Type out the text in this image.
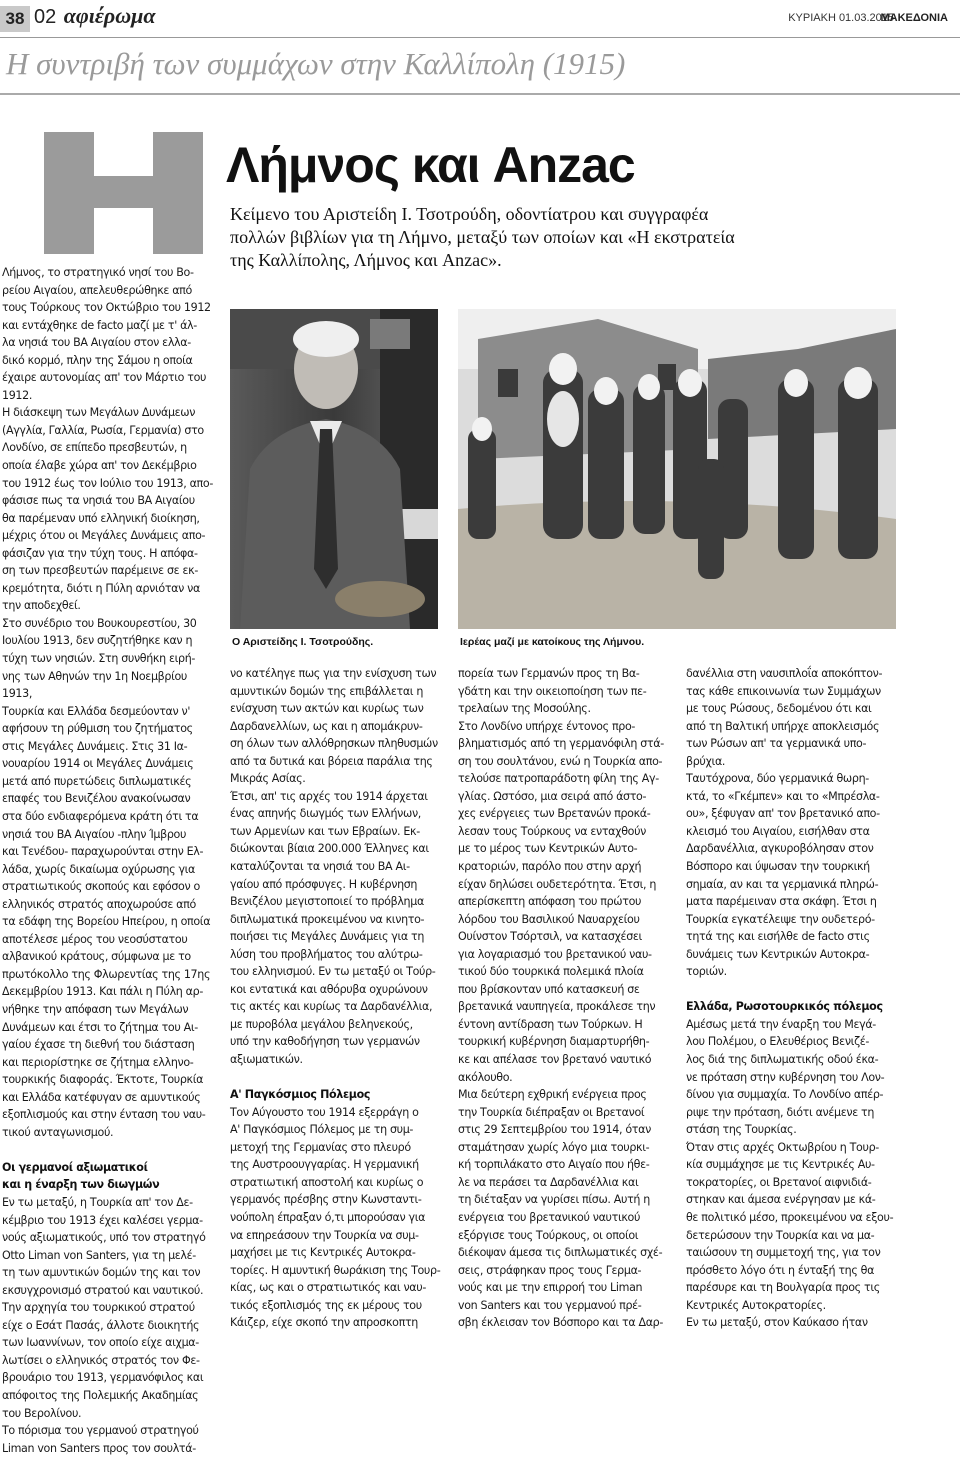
38 02 αφιέρωμα	ΚΥΡΙΑΚΗ 01.03.2015
ΜΑΚΕΔΟΝΙΑ
Η συντριβή των συμμάχων στην Καλλίπολη (1915)
Λήμνος και Anzac
Κείμενο του Αριστείδη Ι. Τσοτρούδη, οδοντίατρου και συγγραφέα
πολλών βιβλίων για τη Λήμνο, μεταξύ των οποίων και «Η εκστρατεία
της Καλλίπολης, Λήμνος και Anzac».
Ο Αριστείδης Ι. Τσοτρούδης.	Ιερέας μαζί με κατοίκους της Λήμνου.

Λήμνος, το στρατηγικό νησί του Βο-

ρείου Αιγαίου, απελευθερώθηκε από

τους Τούρκους τον Οκτώβριο του 1912

και εντάχθηκε de facto μαζί με τ' άλ-

λα νησιά του ΒΑ Αιγαίου στον ελλα-

δικό κορμό, πλην της Σάμου η οποία

έχαιρε αυτονομίας απ' τον Μάρτιο του

1912.

Η διάσκεψη των Μεγάλων Δυνάμεων

(Αγγλία, Γαλλία, Ρωσία, Γερμανία) στο

Λονδίνο, σε επίπεδο πρεσβευτών, η

οποία έλαβε χώρα απ' τον Δεκέμβριο

του 1912 έως τον Ιούλιο του 1913, απο-

φάσισε πως τα νησιά του ΒΑ Αιγαίου

θα παρέμεναν υπό ελληνική διοίκηση,

μέχρις ότου οι Μεγάλες Δυνάμεις απο-

φάσιζαν για την τύχη τους. Η απόφα-

ση των πρεσβευτών παρέμεινε σε εκ-

κρεμότητα, διότι η Πύλη αρνιόταν να

την αποδεχθεί.

Στο συνέδριο του Βουκουρεστίου, 30

Ιουλίου 1913, δεν συζητήθηκε καν η

τύχη των νησιών. Στη συνθήκη ειρή-

νης των Αθηνών την 1η Νοεμβρίου 1913,

Τουρκία και Ελλάδα δεσμεύονταν ν'

αφήσουν τη ρύθμιση του ζητήματος

στις Μεγάλες Δυνάμεις. Στις 31 Ια-

νουαρίου 1914 οι Μεγάλες Δυνάμεις

μετά από πυρετώδεις διπλωματικές

επαφές του Βενιζέλου ανακοίνωσαν

στα δύο ενδιαφερόμενα κράτη ότι τα

νησιά του ΒΑ Αιγαίου -πλην Ίμβρου

και Τενέδου- παραχωρούνται στην Ελ-

λάδα, χωρίς δικαίωμα οχύρωσης για

στρατιωτικούς σκοπούς και εφόσον ο

ελληνικός στρατός αποχωρούσε από

τα εδάφη της Βορείου Ηπείρου, η οποία

αποτέλεσε μέρος του νεοσύστατου

αλβανικού κράτους, σύμφωνα με το

πρωτόκολλο της Φλωρεντίας της 17ης

Δεκεμβρίου 1913. Και πάλι η Πύλη αρ-

νήθηκε την απόφαση των Μεγάλων

Δυνάμεων και έτσι το ζήτημα του Αι-

γαίου έχασε τη διεθνή του διάσταση

και περιορίστηκε σε ζήτημα ελληνο-

τουρκικής διαφοράς. Έκτοτε, Τουρκία

και Ελλάδα κατέφυγαν σε αμυντικούς

εξοπλισμούς και στην ένταση του ναυ-

τικού ανταγωνισμού.

Οι γερμανοί αξιωματικοί

και η έναρξη των διωγμών

Εν τω μεταξύ, η Τουρκία απ' τον Δε-

κέμβριο του 1913 έχει καλέσει γερμα-

νούς αξιωματικούς, υπό τον στρατηγό

Otto Liman von Santers, για τη μελέ-

τη των αμυντικών δομών της και τον

εκσυγχρονισμό στρατού και ναυτικού.

Την αρχηγία του τουρκικού στρατού

είχε ο Εσάτ Πασάς, άλλοτε διοικητής

των Ιωαννίνων, τον οποίο είχε αιχμα-

λωτίσει ο ελληνικός στρατός τον Φε-

βρουάριο του 1913, γερμανόφιλος και

απόφοιτος της Πολεμικής Ακαδημίας

του Βερολίνου.

Το πόρισμα του γερμανού στρατηγού

Liman von Santers προς τον σουλτά-

νο κατέληγε πως για την ενίσχυση των

αμυντικών δομών της επιβάλλεται η

ενίσχυση των ακτών και κυρίως των

Δαρδανελλίων, ως και η απομάκρυν-

ση όλων των αλλόθρησκων πληθυσμών

από τα δυτικά και βόρεια παράλια της

Μικράς Ασίας.

Έτσι, απ' τις αρχές του 1914 άρχεται

ένας απηνής διωγμός των Ελλήνων,

των Αρμενίων και των Εβραίων. Εκ-

διώκονται βίαια 200.000 Έλληνες και

καταλύζονται τα νησιά του ΒΑ Αι-

γαίου από πρόσφυγες. Η κυβέρνηση

Βενιζέλου μεγιστοποιεί το πρόβλημα

διπλωματικά προκειμένου να κινητο-

ποιήσει τις Μεγάλες Δυνάμεις για τη

λύση του προβλήματος του αλύτρω-

του ελληνισμού. Εν τω μεταξύ οι Τούρ-

κοι εντατικά και αθόρυβα οχυρώνουν

τις ακτές και κυρίως τα Δαρδανέλλια,

με πυροβόλα μεγάλου βεληνεκούς,

υπό την καθοδήγηση των γερμανών

αξιωματικών.

Α' Παγκόσμιος Πόλεμος

Τον Αύγουστο του 1914 εξερράγη ο

Α' Παγκόσμιος Πόλεμος με τη συμ-

μετοχή της Γερμανίας στο πλευρό

της Αυστροουγγαρίας. Η γερμανική

στρατιωτική αποστολή και κυρίως ο

γερμανός πρέσβης στην Κωνσταντι-

νούπολη έπραξαν ό,τι μπορούσαν για

να επηρεάσουν την Τουρκία να συμ-

μαχήσει με τις Κεντρικές Αυτοκρα-

τορίες. Η αμυντική θωράκιση της Τουρ-

κίας, ως και ο στρατιωτικός και ναυ-

τικός εξοπλισμός της εκ μέρους του

Κάιζερ, είχε σκοπό την απροσκοπτη

πορεία των Γερμανών προς τη Βα-

γδάτη και την οικειοποίηση των πε-

τρελαίων της Μοσούλης.

Στο Λονδίνο υπήρχε έντονος προ-

βληματισμός από τη γερμανόφιλη στά-

ση του σουλτάνου, ενώ η Τουρκία απο-

τελούσε πατροπαράδοτη φίλη της Αγ-

γλίας. Ωστόσο, μια σειρά από άστο-

χες ενέργειες των Βρετανών προκά-

λεσαν τους Τούρκους να ενταχθούν

με το μέρος των Κεντρικών Αυτο-

κρατοριών, παρόλο που στην αρχή

είχαν δηλώσει ουδετερότητα. Έτσι, η

απερίσκεπτη απόφαση του πρώτου

λόρδου του Βασιλικού Ναυαρχείου

Ουίνστον Τσόρτσιλ, να κατασχέσει

για λογαριασμό του βρετανικού ναυ-

τικού δύο τουρκικά πολεμικά πλοία

που βρίσκονταν υπό κατασκευή σε

βρετανικά ναυπηγεία, προκάλεσε την

έντονη αντίδραση των Τούρκων. Η

τουρκική κυβέρνηση διαμαρτυρήθη-

κε και απέλασε τον βρετανό ναυτικό

ακόλουθο.

Μια δεύτερη εχθρική ενέργεια προς

την Τουρκία διέπραξαν οι Βρετανοί

στις 29 Σεπτεμβρίου του 1914, όταν

σταμάτησαν χωρίς λόγο μια τουρκι-

κή τορπιλάκατο στο Αιγαίο που ήθε-

λε να περάσει τα Δαρδανέλλια και

τη διέταξαν να γυρίσει πίσω. Αυτή η

ενέργεια του βρετανικού ναυτικού

εξόργισε τους Τούρκους, οι οποίοι

διέκοψαν άμεσα τις διπλωματικές σχέ-

σεις, στράφηκαν προς τους Γερμα-

νούς και με την επιρροή του Liman

von Santers και του γερμανού πρέ-

σβη έκλεισαν τον Βόσπορο και τα Δαρ-

δανέλλια στη ναυσιπλοΐα αποκόπτον-

τας κάθε επικοινωνία των Συμμάχων

με τους Ρώσους, δεδομένου ότι και

από τη Βαλτική υπήρχε αποκλεισμός

των Ρώσων απ' τα γερμανικά υπο-

βρύχια.

Ταυτόχρονα, δύο γερμανικά θωρη-

κτά, το «Γκέμπεν» και το «Μπρέσλα-

ου», ξέφυγαν απ' τον βρετανικό απο-

κλεισμό του Αιγαίου, εισήλθαν στα

Δαρδανέλλια, αγκυροβόλησαν στον

Βόσπορο και ύψωσαν την τουρκική

σημαία, αν και τα γερμανικά πληρώ-

ματα παρέμειναν στα σκάφη. Έτσι η

Τουρκία εγκατέλειψε την ουδετερό-

τητά της και εισήλθε de facto στις

δυνάμεις των Κεντρικών Αυτοκρα-

τοριών.

Ελλάδα, Ρωσοτουρκικός πόλεμος

Αμέσως μετά την έναρξη του Μεγά-

λου Πολέμου, ο Ελευθέριος Βενιζέ-

λος διά της διπλωματικής οδού έκα-

νε πρόταση στην κυβέρνηση του Λον-

δίνου για συμμαχία. Το Λονδίνο απέρ-

ριψε την πρόταση, διότι ανέμενε τη

στάση της Τουρκίας.

Όταν στις αρχές Οκτωβρίου η Τουρ-

κία συμμάχησε με τις Κεντρικές Αυ-

τοκρατορίες, οι Βρετανοί αιφνιδιά-

στηκαν και άμεσα ενέργησαν με κά-

θε πολιτικό μέσο, προκειμένου να εξου-

δετερώσουν την Τουρκία και να μα-

ταιώσουν τη συμμετοχή της, για τον

πρόσθετο λόγο ότι η ένταξή της θα

παρέσυρε και τη Βουλγαρία προς τις

Κεντρικές Αυτοκρατορίες.

Εν τω μεταξύ, στον Καύκασο ήταν
